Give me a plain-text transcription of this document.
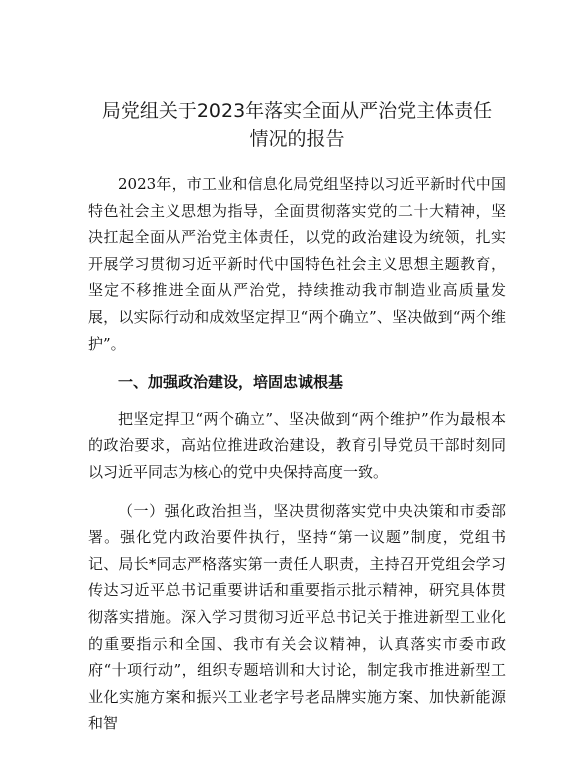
局党组关于2023年落实全面从严治党主体责任
情况的报告

2023年，市工业和信息化局党组坚持以习近平新时代中国特色社会主义思想为指导，全面贯彻落实党的二十大精神，坚决扛起全面从严治党主体责任，以党的政治建设为统领，扎实开展学习贯彻习近平新时代中国特色社会主义思想主题教育，坚定不移推进全面从严治党，持续推动我市制造业高质量发展，以实际行动和成效坚定捍卫“两个确立”、坚决做到“两个维护”。

一、加强政治建设，培固忠诚根基

把坚定捍卫“两个确立”、坚决做到“两个维护”作为最根本的政治要求，高站位推进政治建设，教育引导党员干部时刻同以习近平同志为核心的党中央保持高度一致。

（一）强化政治担当，坚决贯彻落实党中央决策和市委部署。强化党内政治要件执行，坚持“第一议题”制度，党组书记、局长*同志严格落实第一责任人职责，主持召开党组会学习传达习近平总书记重要讲话和重要指示批示精神，研究具体贯彻落实措施。深入学习贯彻习近平总书记关于推进新型工业化的重要指示和全国、我市有关会议精神，认真落实市委市政府“十项行动”，组织专题培训和大讨论，制定我市推进新型工业化实施方案和振兴工业老字号老品牌实施方案、加快新能源和智
